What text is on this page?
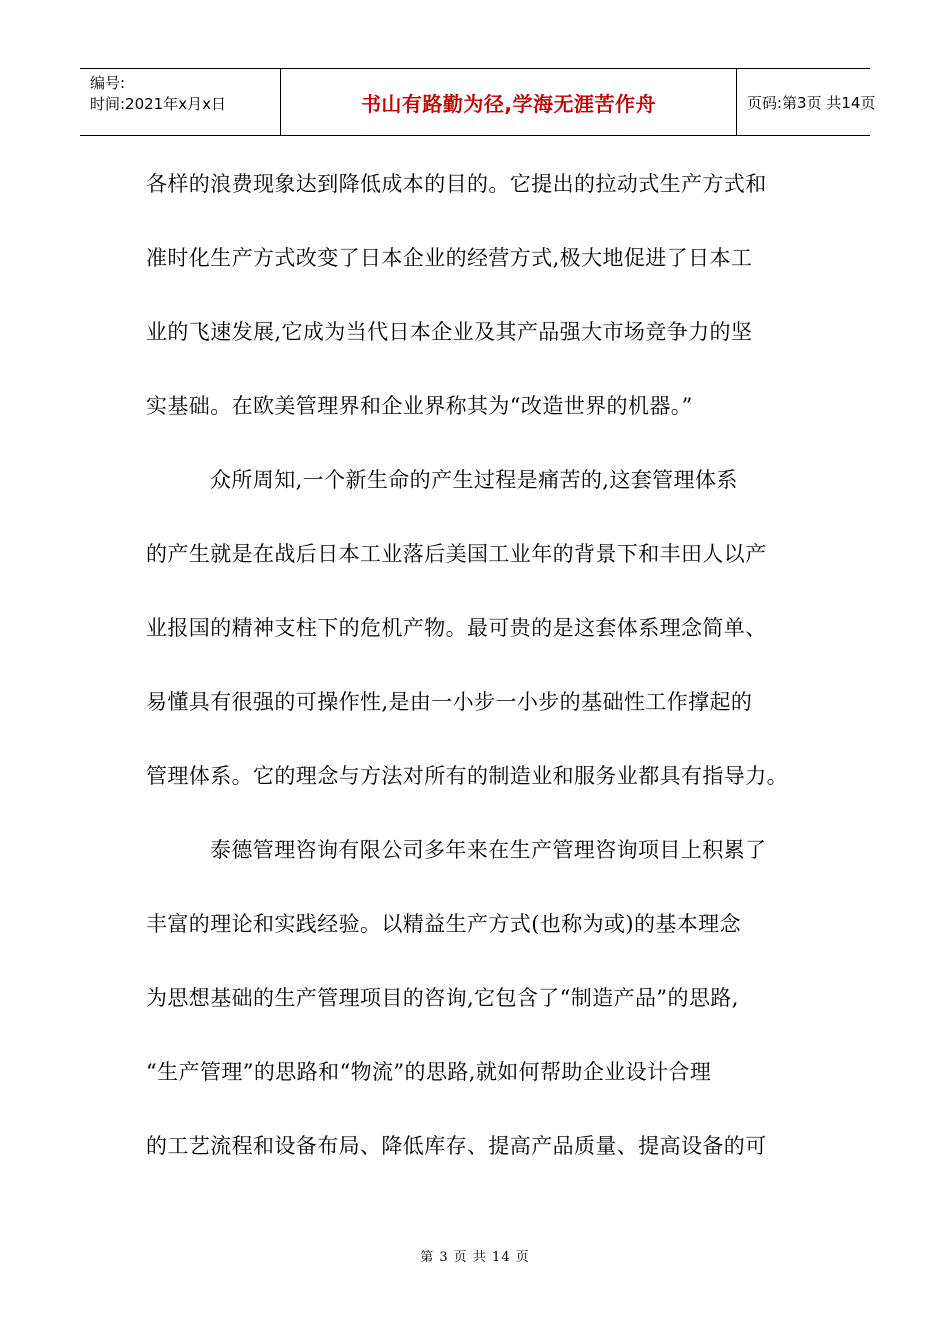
编号:
时间:2021年x月x日	书山有路勤为径,学海无涯苦作舟	页码:第3页 共14页
各样的浪费现象达到降低成本的目的。它提出的拉动式生产方式和
准时化生产方式改变了日本企业的经营方式,极大地促进了日本工
业的飞速发展,它成为当代日本企业及其产品强大市场竞争力的坚
实基础。在欧美管理界和企业界称其为“改造世界的机器。”
众所周知,一个新生命的产生过程是痛苦的,这套管理体系
的产生就是在战后日本工业落后美国工业年的背景下和丰田人以产
业报国的精神支柱下的危机产物。最可贵的是这套体系理念简单、
易懂具有很强的可操作性,是由一小步一小步的基础性工作撑起的
管理体系。它的理念与方法对所有的制造业和服务业都具有指导力。
泰德管理咨询有限公司多年来在生产管理咨询项目上积累了
丰富的理论和实践经验。以精益生产方式(也称为或)的基本理念
为思想基础的生产管理项目的咨询,它包含了“制造产品”的思路,
“生产管理”的思路和“物流”的思路,就如何帮助企业设计合理
的工艺流程和设备布局、降低库存、提高产品质量、提高设备的可
第 3 页 共 14 页
